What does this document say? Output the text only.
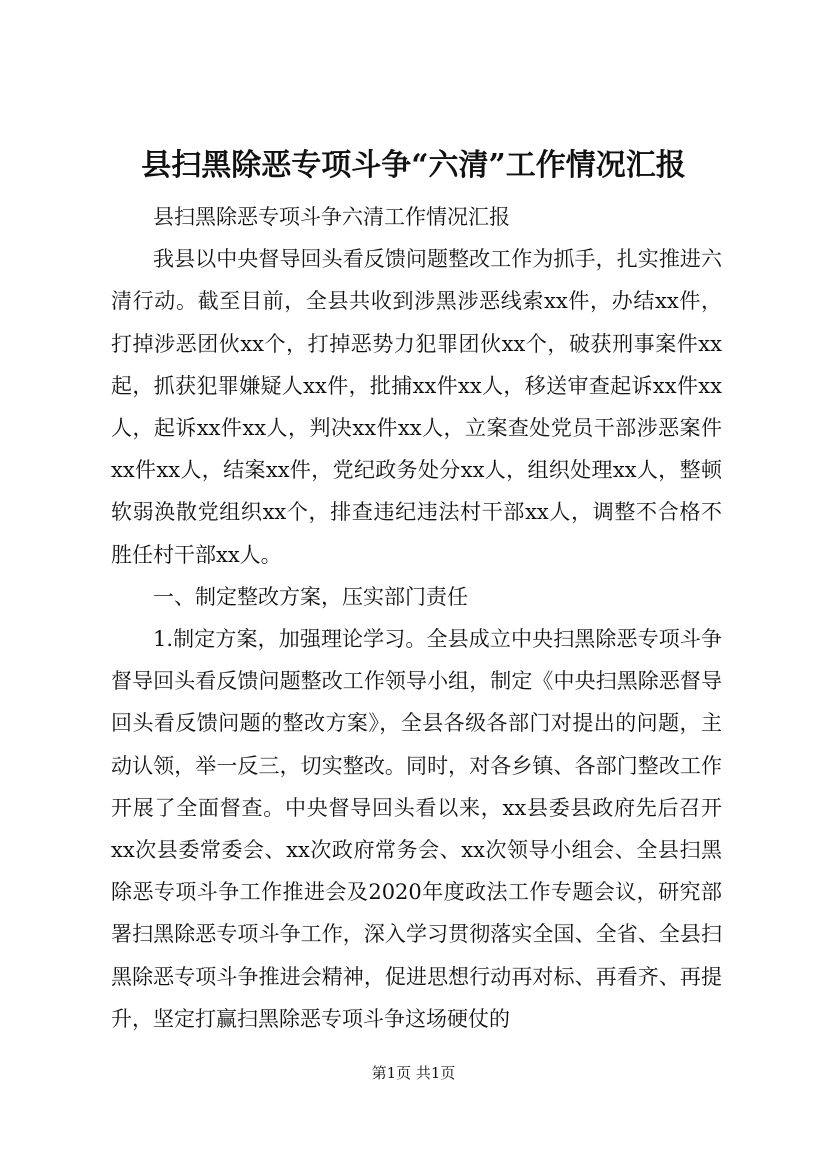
县扫黑除恶专项斗争“六清”工作情况汇报

县扫黑除恶专项斗争六清工作情况汇报

我县以中央督导回头看反馈问题整改工作为抓手，扎实推进六清行动。截至目前，全县共收到涉黑涉恶线索xx件，办结xx件，打掉涉恶团伙xx个，打掉恶势力犯罪团伙xx个，破获刑事案件xx起，抓获犯罪嫌疑人xx件，批捕xx件xx人，移送审查起诉xx件xx人，起诉xx件xx人，判决xx件xx人，立案查处党员干部涉恶案件xx件xx人，结案xx件，党纪政务处分xx人，组织处理xx人，整顿软弱涣散党组织xx个，排查违纪违法村干部xx人，调整不合格不胜任村干部xx人。

一、制定整改方案，压实部门责任

1.制定方案，加强理论学习。全县成立中央扫黑除恶专项斗争督导回头看反馈问题整改工作领导小组，制定《中央扫黑除恶督导回头看反馈问题的整改方案》，全县各级各部门对提出的问题，主动认领，举一反三，切实整改。同时，对各乡镇、各部门整改工作开展了全面督查。中央督导回头看以来，xx县委县政府先后召开xx次县委常委会、xx次政府常务会、xx次领导小组会、全县扫黑除恶专项斗争工作推进会及2020年度政法工作专题会议，研究部署扫黑除恶专项斗争工作，深入学习贯彻落实全国、全省、全县扫黑除恶专项斗争推进会精神，促进思想行动再对标、再看齐、再提升，坚定打赢扫黑除恶专项斗争这场硬仗的

第1页 共1页
